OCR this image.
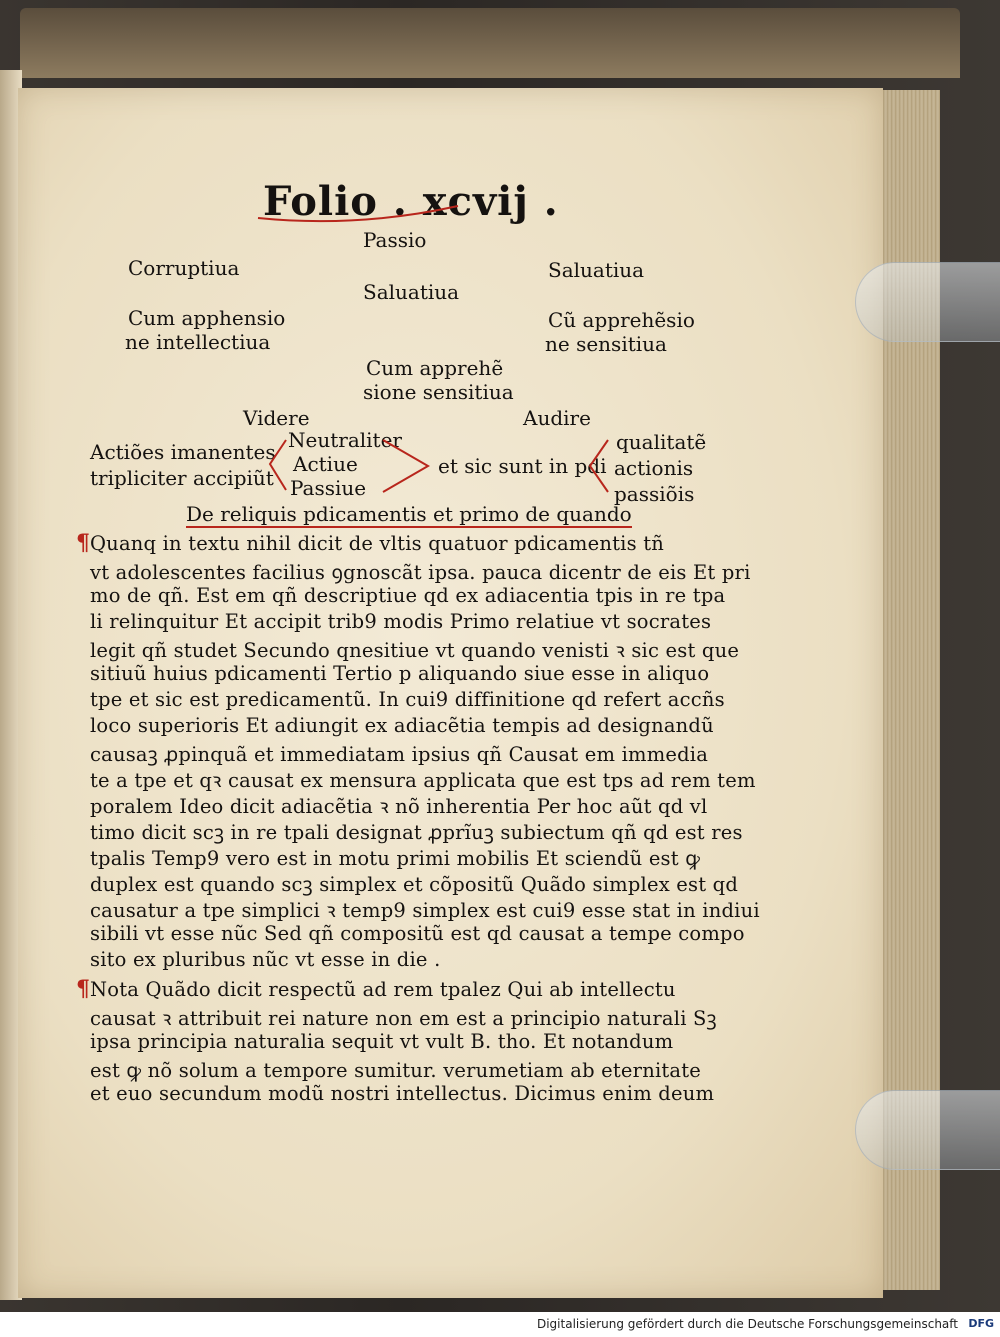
Folio . xcvij .
Passio
Corruptiua	Saluatiua
Saluatiua
Cum apphensio
ne intellectiua
Cũ apprehẽsio
ne sensitiua
Cum apprehẽ
sione sensitiua
Videre	Audire
Actiões imanentes
tripliciter accipiũt
Neutraliter
Actiue
Passiue
et sic sunt in pdi
qualitatẽ
actionis
passiõis
De reliquis pdicamentis et primo de quando
Quanq in textu nihil dicit de vltis quatuor pdicamentis tñ
vt adolescentes facilius ꝯgnoscãt ipsa. pauca dicentr de eis Et pri
mo de qñ. Est em qñ descriptiue qd ex adiacentia tpis in re tpa
li relinquitur Et accipit trib9 modis Primo relatiue vt socrates
legit qñ studet Secundo qnesitiue vt quando venisti ꝛ sic est que
sitiuũ huius pdicamenti Tertio p aliquando siue esse in aliquo
tpe et sic est predicamentũ. In cui9 diffinitione qd refert accñs
loco superioris Et adiungit ex adiacẽtia tempis ad designandũ
causaꝫ ꝓpinquã et immediatam ipsius qñ Causat em immedia
te a tpe et qꝛ causat ex mensura applicata que est tps ad rem tem
poralem Ideo dicit adiacẽtia ꝛ nõ inherentia Per hoc aũt qd vl
timo dicit scꝫ in re tpali designat ꝓprĩuꝫ subiectum qñ qd est res
tpalis Temp9 vero est in motu primi mobilis Et sciendũ est ꝙ
duplex est quando scꝫ simplex et cõpositũ Quãdo simplex est qd
causatur a tpe simplici ꝛ temp9 simplex est cui9 esse stat in indiui
sibili vt esse nũc Sed qñ compositũ est qd causat a tempe compo
sito ex pluribus nũc vt esse in die .
Nota Quãdo dicit respectũ ad rem tpalez Qui ab intellectu
causat ꝛ attribuit rei nature non em est a principio naturali Sꝫ
ipsa principia naturalia sequit vt vult B. tho. Et notandum
est ꝙ nõ solum a tempore sumitur. verumetiam ab eternitate
et euo secundum modũ nostri intellectus. Dicimus enim deum
¶
¶
Digitalisierung gefördert durch die Deutsche Forschungsgemeinschaft DFG
